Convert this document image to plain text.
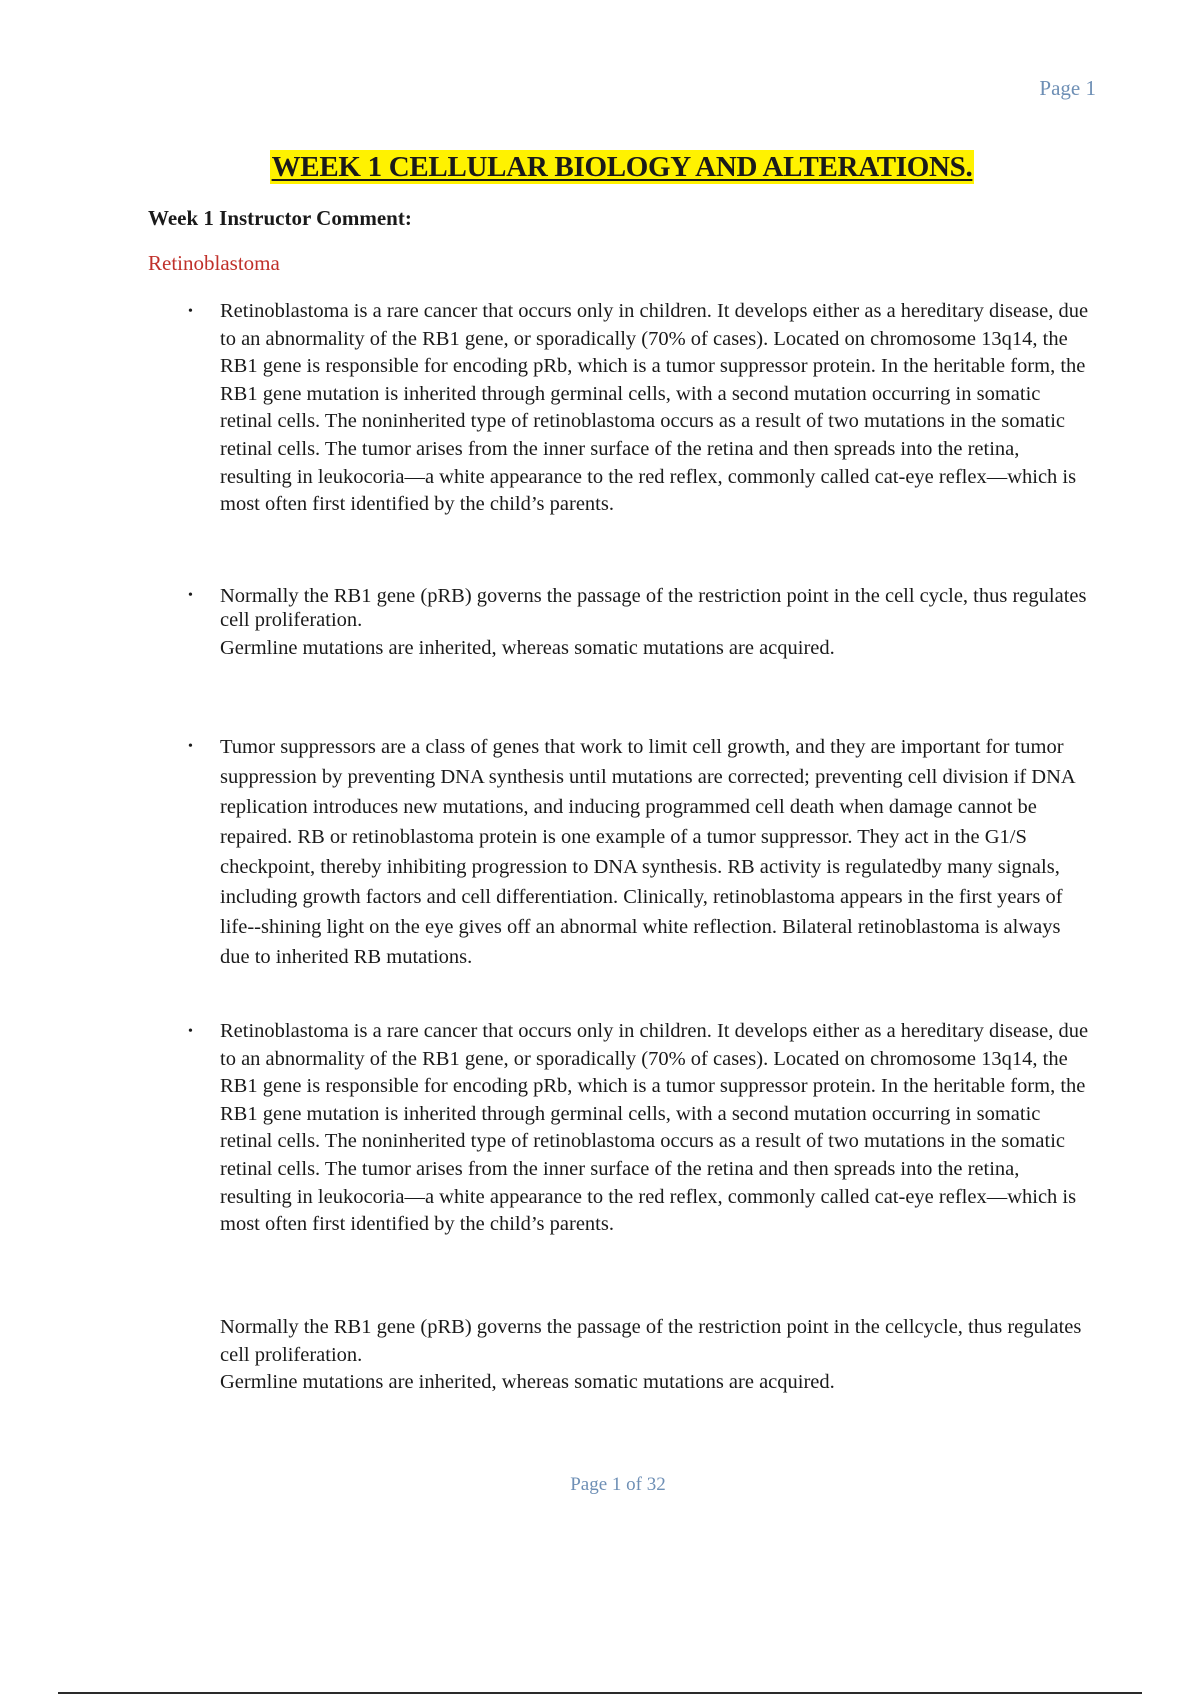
Page 1
WEEK 1 CELLULAR BIOLOGY AND ALTERATIONS.
Week 1 Instructor Comment:
Retinoblastoma
• Retinoblastoma is a rare cancer that occurs only in children. It develops either as a hereditary disease, due to an abnormality of the RB1 gene, or sporadically (70% of cases). Located on chromosome 13q14, the RB1 gene is responsible for encoding pRb, which is a tumor suppressor protein. In the heritable form, the RB1 gene mutation is inherited through germinal cells, with a second mutation occurring in somatic retinal cells. The noninherited type of retinoblastoma occurs as a result of two mutations in the somatic retinal cells. The tumor arises from the inner surface of the retina and then spreads into the retina, resulting in leukocoria—a white appearance to the red reflex, commonly called cat-eye reflex—which is most often first identified by the child’s parents.

• Normally the RB1 gene (pRB) governs the passage of the restriction point in the cell cycle, thus regulates cell proliferation.

Germline mutations are inherited, whereas somatic mutations are acquired.

• Tumor suppressors are a class of genes that work to limit cell growth, and they are important for tumor suppression by preventing DNA synthesis until mutations are corrected; preventing cell division if DNA replication introduces new mutations, and inducing programmed cell death when damage cannot be repaired. RB or retinoblastoma protein is one example of a tumor suppressor. They act in the G1/S checkpoint, thereby inhibiting progression to DNA synthesis. RB activity is regulatedby many signals, including growth factors and cell differentiation. Clinically, retinoblastoma appears in the first years of life--shining light on the eye gives off an abnormal white reflection. Bilateral retinoblastoma is always due to inherited RB mutations.

• Retinoblastoma is a rare cancer that occurs only in children. It develops either as a hereditary disease, due to an abnormality of the RB1 gene, or sporadically (70% of cases). Located on chromosome 13q14, the RB1 gene is responsible for encoding pRb, which is a tumor suppressor protein. In the heritable form, the RB1 gene mutation is inherited through germinal cells, with a second mutation occurring in somatic retinal cells. The noninherited type of retinoblastoma occurs as a result of two mutations in the somatic retinal cells. The tumor arises from the inner surface of the retina and then spreads into the retina, resulting in leukocoria—a white appearance to the red reflex, commonly called cat-eye reflex—which is most often first identified by the child’s parents.

Normally the RB1 gene (pRB) governs the passage of the restriction point in the cellcycle, thus regulates cell proliferation.

Germline mutations are inherited, whereas somatic mutations are acquired.

Page 1 of 32
